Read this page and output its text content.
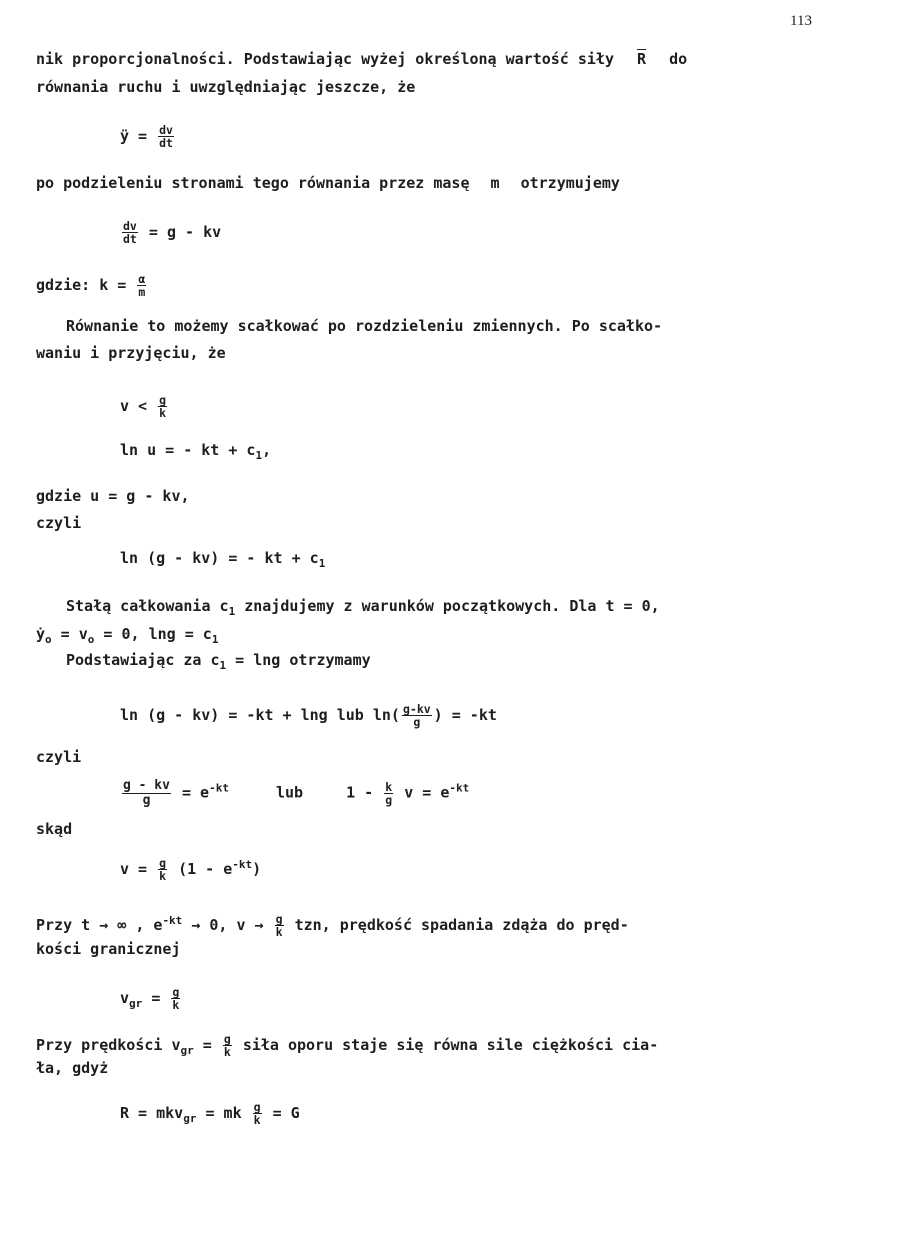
113
nik proporcjonalności. Podstawiając wyżej określoną wartość siły $\overline{R}$ do
równania ruchu i uwzględniając jeszcze, że
ÿ = $\frac{dv}{dt}$
po podzieleniu stronami tego równania przez masę m otrzymujemy
$\frac{dv}{dt} = g$ - kv
gdzie: $k = \frac{\alpha}{m}$
Równanie to możemy scałkować po rozdzieleniu zmiennych. Po scałko-
waniu i przyjęciu, że
$v < \frac{g}{k}$
ln u = - kt + $c_1$,
gdzie u = g - kv,
czyli
ln (g - kv) = - kt + $c_1$
Stałą całkowania $c_1$ znajdujemy z warunków początkowych. Dla t = 0,
ẏ$_o$ = $v_o = 0$, $\ln g = c_1$
Podstawiając za $c_1 = \ln g$ otrzymamy
ln (g - kv) = -kt + lng lub $\ln( \frac{g-kv}{g}$ ) = -kt
czyli
$\frac{g - kv}{g} = e^{-kt}$	lub	$1 - \frac{k}{g}$ $v = e^{-kt}$
skąd
$v = \frac{g}{k} (1 - e^{-kt})$
Przy t → ∞ , $e^{-kt} \to 0$, $v \to \frac{g}{k}$ tzn, prędkość spadania zdąża do pręd-
kości granicznej
$v_{gr} = \frac{g}{k}$
Przy prędkości $v_{gr} = \frac{g}{k}$ siła oporu staje się równa sile ciężkości cia-
ła, gdyż
R = mkv$_{gr}$ = mk $\frac{g}{k} = G$
